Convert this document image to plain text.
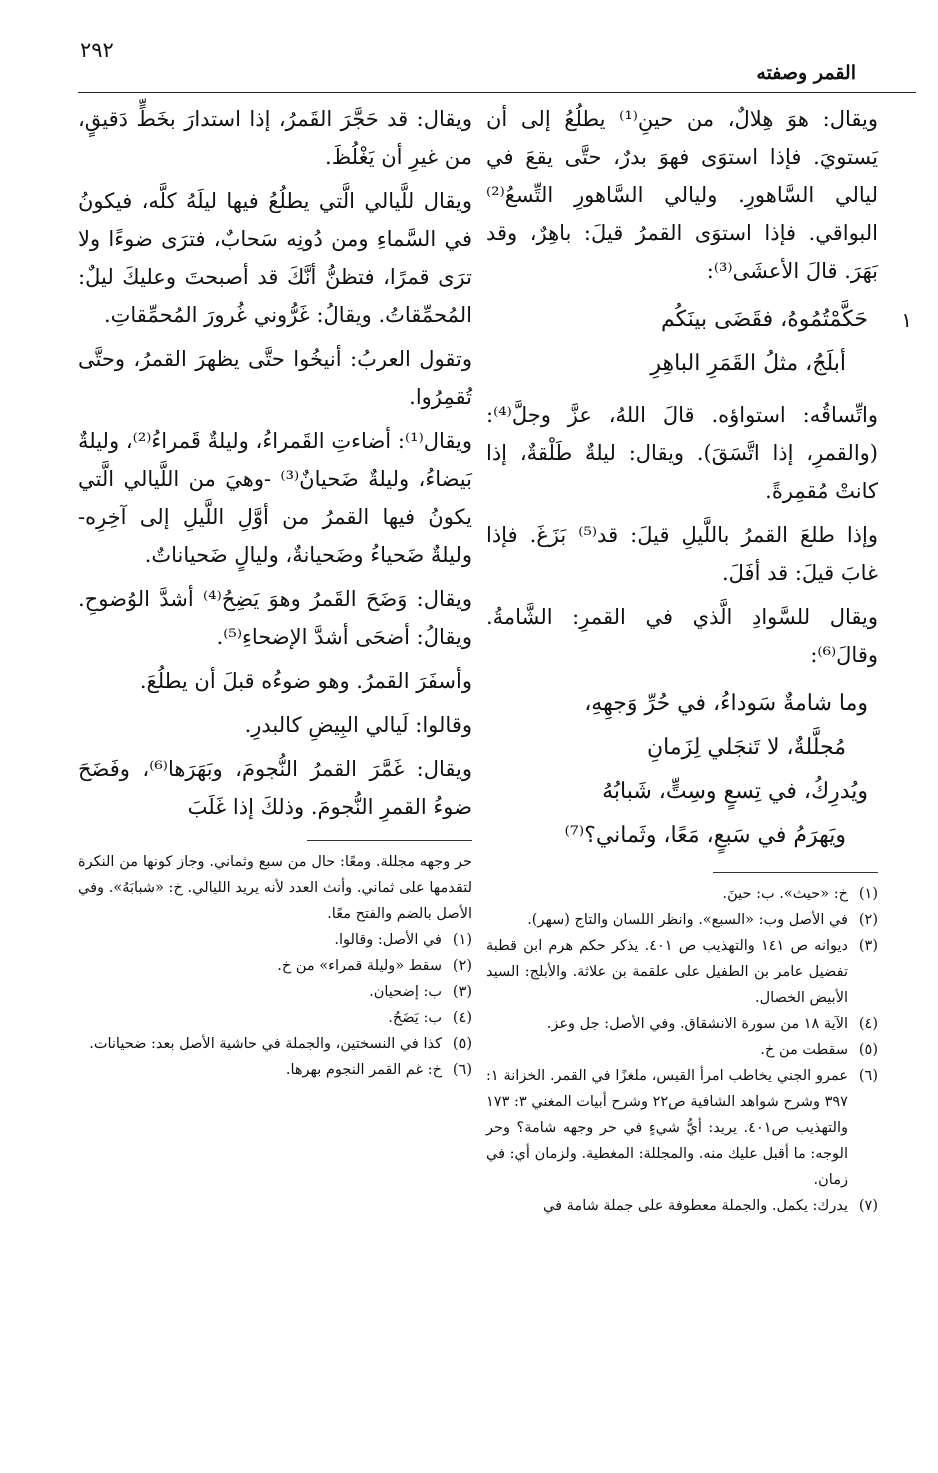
٢٩٢
القمر وصفته

ويقال: هوَ هِلالٌ، من حينِ⁽¹⁾ يطلُعُ إلى أن يَستويَ. فإذا استوَى فهوَ بدرٌ، حتَّى يقعَ في ليالي السَّاهورِ. وليالي السَّاهورِ التِّسعُ⁽²⁾ البواقي. فإذا استوَى القمرُ قيلَ: باهِرٌ، وقد بَهَرَ. قالَ الأعشَى⁽³⁾:

١
حَكَّمْتُمُوهُ، فقَضَى بينَكُم
أبلَجُ، مثلُ القَمَرِ الباهِرِ

واتِّساقُه: استواؤه. قالَ اللهُ، عزَّ وجلَّ⁽⁴⁾: (والقمرِ، إذا اتَّسَقَ). ويقال: ليلةٌ طَلْقةٌ، إذا كانتْ مُقمِرةً.

وإذا طلعَ القمرُ باللَّيلِ قيلَ: قد⁽⁵⁾ بَزَغَ. فإذا غابَ قيلَ: قد أفَلَ.

ويقال للسَّوادِ الَّذي في القمرِ: الشَّامةُ. وقالَ⁽⁶⁾:

وما شامةٌ سَوداءُ، في حُرِّ وَجهِهِ،
مُجلَّلةٌ، لا تَنجَلي لِزَمانِ
ويُدرِكُ، في تِسعٍ وسِتٍّ، شَبابُهُ
ويَهرَمُ في سَبعٍ، مَعًا، وثَماني؟⁽⁷⁾
(١)
خ: «حيث». ب: حينَ.
(٢)
في الأصل وب: «السبع». وانظر اللسان والتاج (سهر).
(٣)
ديوانه ص ١٤١ والتهذيب ص ٤٠١. يذكر حكم هرم ابن قطبة تفضيل عامر بن الطفيل على علقمة بن علاثة. والأبلج: السيد الأبيض الخصال.
(٤)
الآية ١٨ من سورة الانشقاق. وفي الأصل: جل وعز.
(٥)
سقطت من خ.
(٦)
عمرو الجني يخاطب امرأ القيس، ملغزًا في القمر. الخزانة ١: ٣٩٧ وشرح شواهد الشافية ص٢٢ وشرح أبيات المغني ٣: ١٧٣ والتهذيب ص٤٠١. يريد: أيُّ شيءٍ في حر وجهه شامة؟ وحر الوجه: ما أقبل عليك منه. والمجللة: المغطية. ولزمان أي: في زمان.
(٧)
يدرك: يكمل. والجملة معطوفة على جملة شامة في

ويقال: قد حَجَّرَ القَمرُ، إذا استدارَ بخَطٍّ دَقيقٍ، من غيرِ أن يَغْلُظَ.

ويقال للَّيالي الَّتي يطلُعُ فيها ليلَهُ كلَّه، فيكونُ في السَّماءِ ومن دُونِه سَحابٌ، فترَى ضوءًا ولا ترَى قمرًا، فتظنُّ أنَّكَ قد أصبحتَ وعليكَ ليلٌ: المُحمِّقاتُ. ويقالُ: غَرُّوني غُرورَ المُحمِّقاتِ.

وتقول العربُ: أنيخُوا حتَّى يظهرَ القمرُ، وحتَّى تُقمِرُوا.

ويقال⁽¹⁾: أضاءتِ القَمراءُ، وليلةٌ قَمراءُ⁽²⁾، وليلةٌ بَيضاءُ، وليلةٌ ضَحيانٌ⁽³⁾ -وهيَ من اللَّيالي الَّتي يكونُ فيها القمرُ من أوَّلِ اللَّيلِ إلى آخِرِه- وليلةٌ ضَحياءُ وضَحيانةٌ، وليالٍ ضَحياناتٌ.

ويقال: وَضَحَ القَمرُ وهوَ يَضِحُ⁽⁴⁾ أشدَّ الوُضوحِ. ويقالُ: أضحَى أشدَّ الإضحاءِ⁽⁵⁾.

وأسفَرَ القمرُ. وهو ضوءُه قبلَ أن يطلُعَ.

وقالوا: لَيالي البِيضِ كالبدرِ.

ويقال: غَمَّرَ القمرُ النُّجومَ، وبَهَرَها⁽⁶⁾، وفَضَحَ ضوءُ القمرِ النُّجومَ. وذلكَ إذا غَلَبَ

حر وجهه مجللة. ومعًا: حال من سبع وثماني. وجاز كونها من النكرة لتقدمها على ثماني. وأنث العدد لأنه يريد الليالي. خ: «شبابَهُ». وفي الأصل بالضم والفتح معًا.
(١)
في الأصل: وقالوا.
(٢)
سقط «وليلة قمراء» من خ.
(٣)
ب: إضحيان.
(٤)
ب: يَضَحُ.
(٥)
كذا في النسختين، والجملة في حاشية الأصل بعد: ضحيانات.
(٦)
خ: غم القمر النجوم بهرها.
